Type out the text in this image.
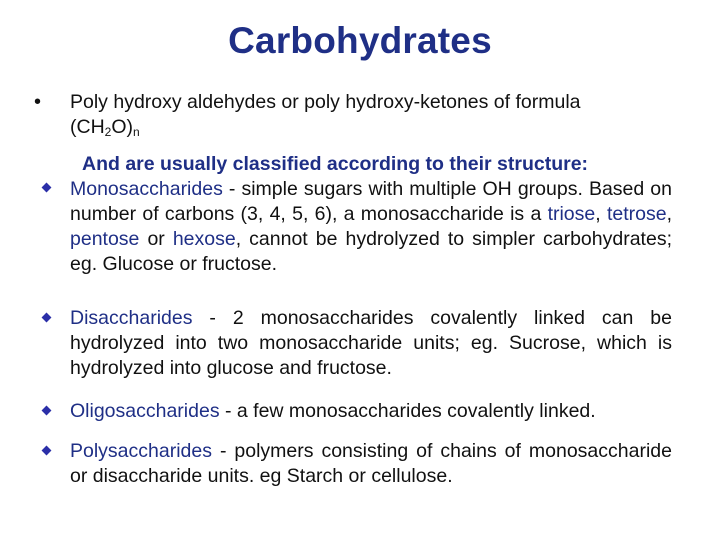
Carbohydrates
• Poly hydroxy aldehydes or poly hydroxy-ketones of formula
$(CH_2O)_n$
And are usually classified according to their structure:
Monosaccharides - simple sugars with multiple OH groups. Based on number of carbons (3, 4, 5, 6), a monosaccharide is a triose, tetrose, pentose or hexose, cannot be hydrolyzed to simpler carbohydrates; eg. Glucose or fructose.
Disaccharides - 2 monosaccharides covalently linked can be hydrolyzed into two monosaccharide units; eg. Sucrose, which is hydrolyzed into glucose and fructose.
Oligosaccharides - a few monosaccharides covalently linked.
Polysaccharides - polymers consisting of chains of monosaccharide or disaccharide units. eg Starch or cellulose.
